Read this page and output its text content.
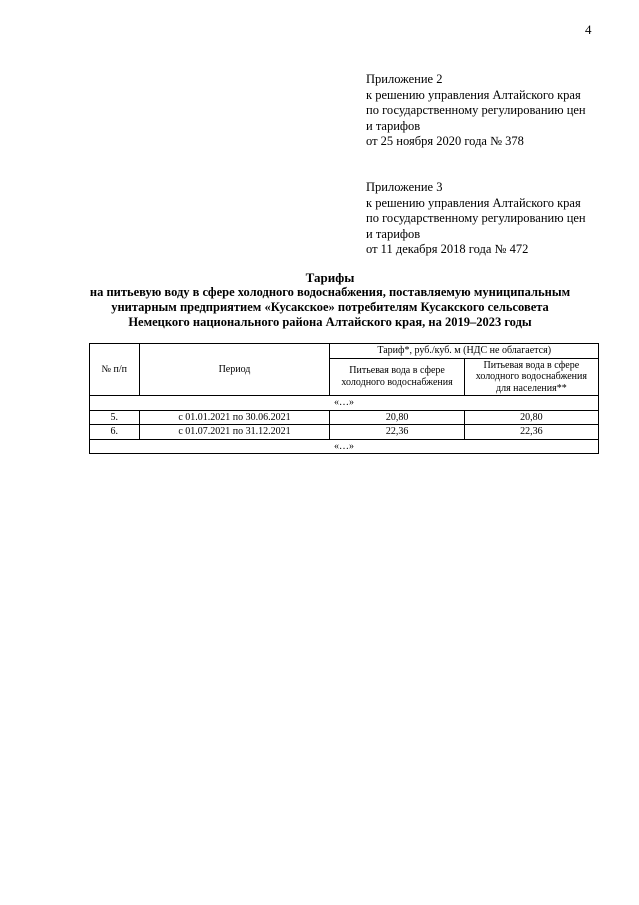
4
Приложение 2
к решению управления Алтайского края
по государственному регулированию цен
и тарифов
от 25 ноября 2020 года № 378
Приложение 3
к решению управления Алтайского края
по государственному регулированию цен
и тарифов
от 11 декабря 2018 года № 472
Тарифы
на питьевую воду в сфере холодного водоснабжения, поставляемую муниципальным
унитарным предприятием «Кусакское» потребителям Кусакского сельсовета
Немецкого национального района Алтайского края, на 2019–2023 годы
№ п/п	Период	Тариф*, руб./куб. м (НДС не облагается)	
		Питьевая вода в сфере холодного водоснабжения	Питьевая вода в сфере холодного водоснабжения для населения**
«…»			
5.	с 01.01.2021 по 30.06.2021	20,80	20,80
6.	с 01.07.2021 по 31.12.2021	22,36	22,36
«…»			
